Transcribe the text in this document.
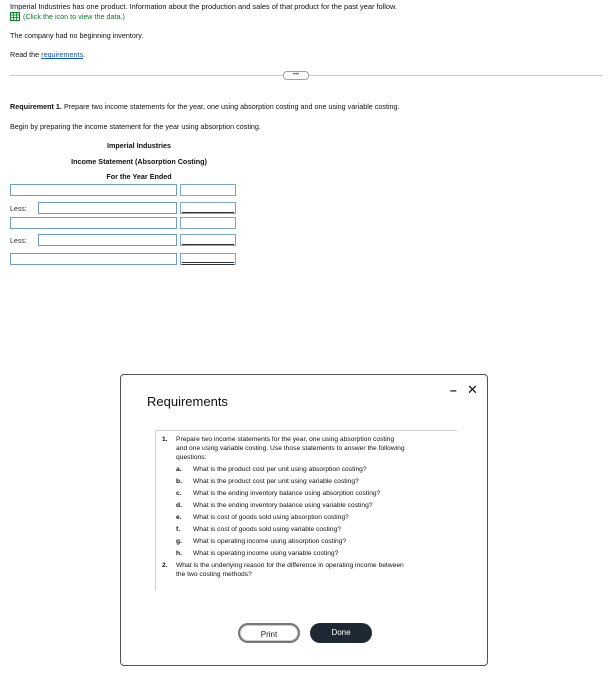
Imperial Industries has one product. Information about the production and sales of that product for the past year follow.
(Click the icon to view the data.)
The company had no beginning inventory.
Read the requirements.
•••
Requirement 1. Prepare two income statements for the year, one using absorption costing and one using variable costing.
Begin by preparing the income statement for the year using absorption costing.
Imperial Industries
Income Statement (Absorption Costing)
For the Year Ended
Less:
Less:
Requirements
– ✕
1. Prepare two income statements for the year, one using absorption costing
and one using variable costing. Use those statements to answer the following
questions:
a. What is the product cost per unit using absorption costing?
b. What is the product cost per unit using variable costing?
c. What is the ending inventory balance using absorption costing?
d. What is the ending inventory balance using variable costing?
e. What is cost of goods sold using absorption costing?
f. What is cost of goods sold using variable costing?
g. What is operating income using absorption costing?
h. What is operating income using variable costing?
2. What is the underlying reason for the difference in operating income between
the two costing methods?
Print	Done
